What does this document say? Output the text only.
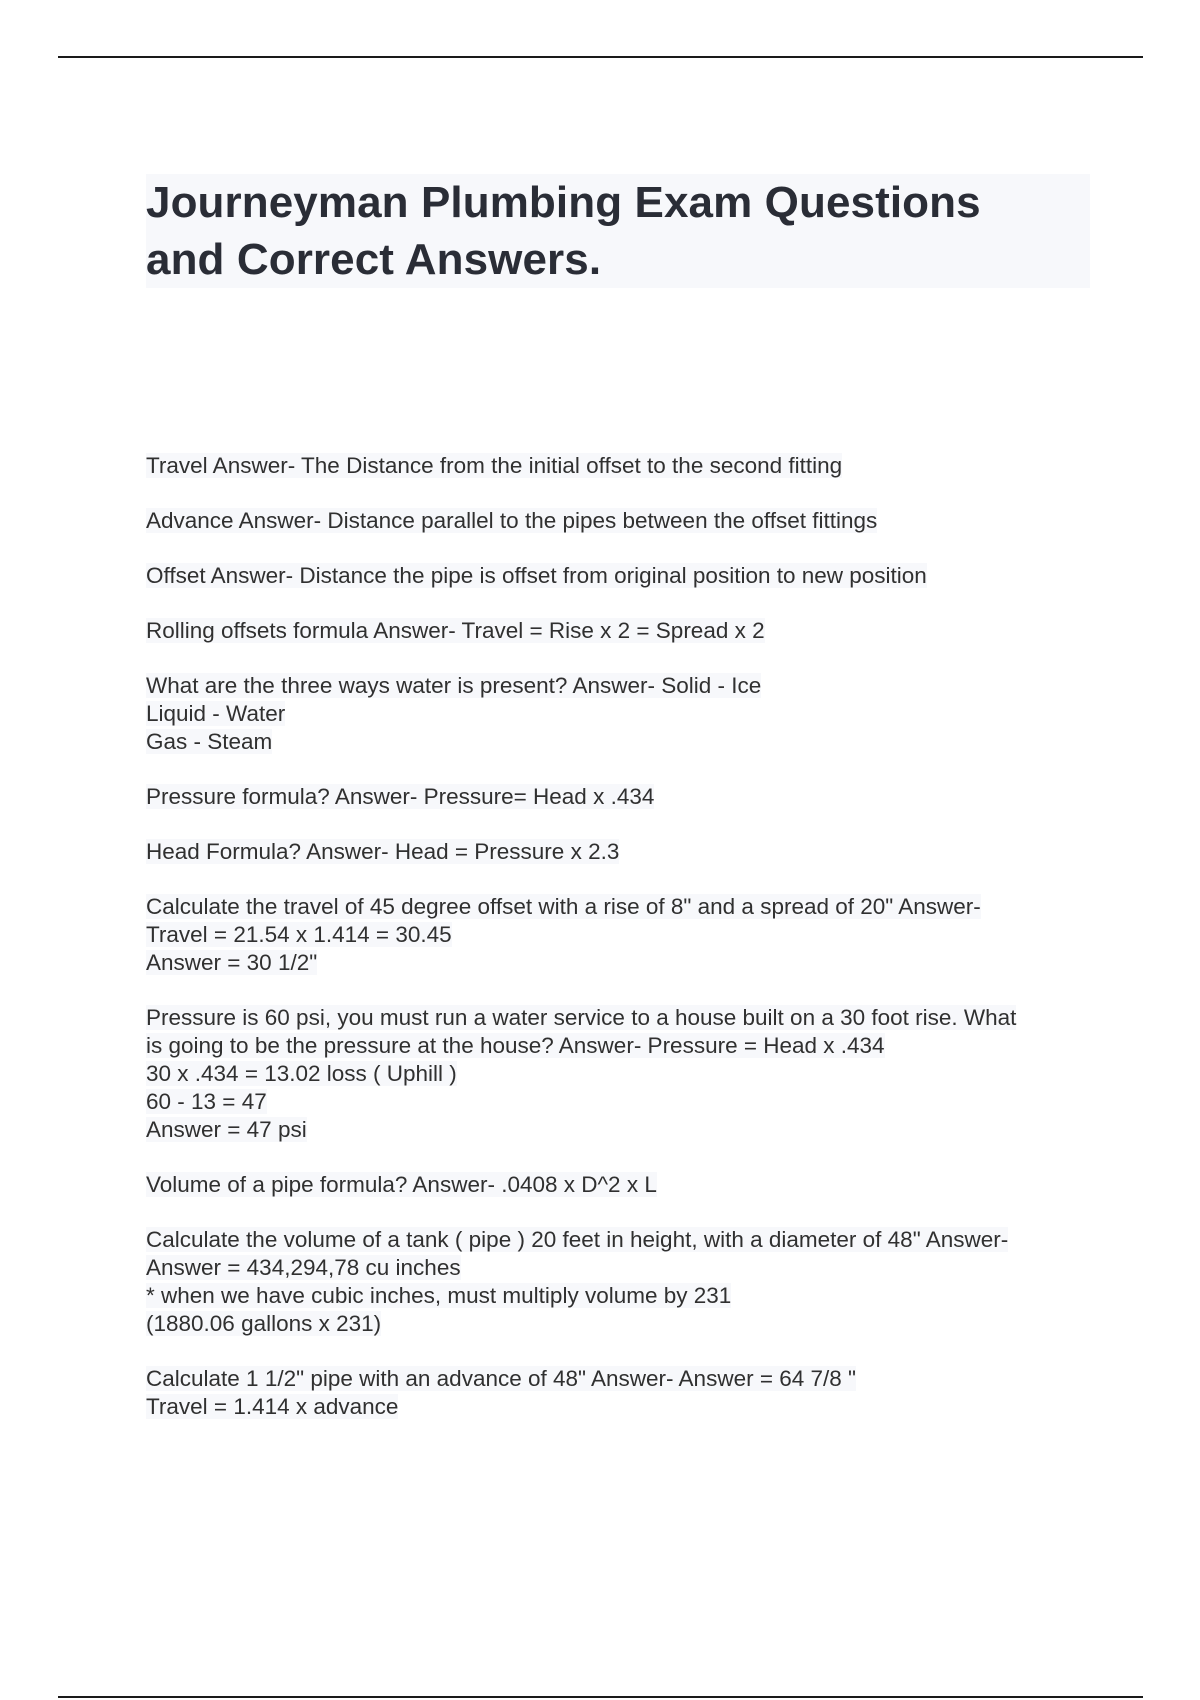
Journeyman Plumbing Exam Questions
and Correct Answers.

Travel Answer- The Distance from the initial offset to the second fitting

Advance Answer- Distance parallel to the pipes between the offset fittings

Offset Answer- Distance the pipe is offset from original position to new position

Rolling offsets formula Answer- Travel = Rise x 2 = Spread x 2

What are the three ways water is present? Answer- Solid - Ice
Liquid - Water
Gas - Steam

Pressure formula? Answer- Pressure= Head x .434

Head Formula? Answer- Head = Pressure x 2.3

Calculate the travel of 45 degree offset with a rise of 8" and a spread of 20" Answer-
Travel = 21.54 x 1.414 = 30.45
Answer = 30 1/2"

Pressure is 60 psi, you must run a water service to a house built on a 30 foot rise. What
is going to be the pressure at the house? Answer- Pressure = Head x .434
30 x .434 = 13.02 loss ( Uphill )
60 - 13 = 47
Answer = 47 psi

Volume of a pipe formula? Answer- .0408 x D^2 x L

Calculate the volume of a tank ( pipe ) 20 feet in height, with a diameter of 48" Answer-
Answer = 434,294,78 cu inches
* when we have cubic inches, must multiply volume by 231
(1880.06 gallons x 231)

Calculate 1 1/2" pipe with an advance of 48" Answer- Answer = 64 7/8 "
Travel = 1.414 x advance
